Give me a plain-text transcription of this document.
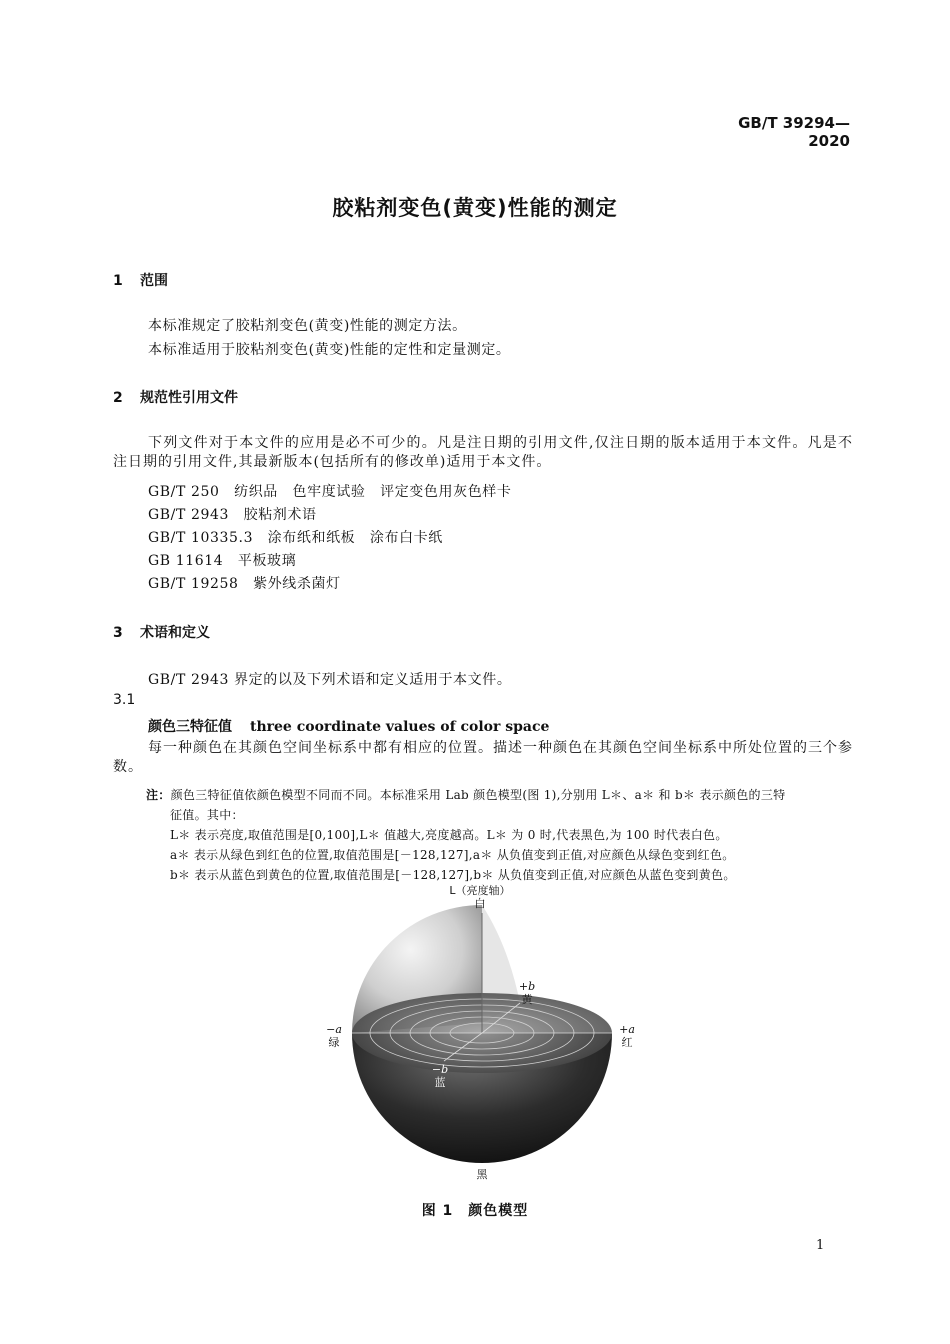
GB/T 39294—2020
胶粘剂变色(黄变)性能的测定
1 范围
本标准规定了胶粘剂变色(黄变)性能的测定方法。
本标准适用于胶粘剂变色(黄变)性能的定性和定量测定。
2 规范性引用文件
下列文件对于本文件的应用是必不可少的。凡是注日期的引用文件,仅注日期的版本适用于本文件。凡是不注日期的引用文件,其最新版本(包括所有的修改单)适用于本文件。
GB/T 250　纺织品　色牢度试验　评定变色用灰色样卡
GB/T 2943　胶粘剂术语
GB/T 10335.3　涂布纸和纸板　涂布白卡纸
GB 11614　平板玻璃
GB/T 19258　紫外线杀菌灯
3 术语和定义
GB/T 2943 界定的以及下列术语和定义适用于本文件。
3.1
颜色三特征值 three coordinate values of color space
每一种颜色在其颜色空间坐标系中都有相应的位置。描述一种颜色在其颜色空间坐标系中所处位置的三个参数。
注：颜色三特征值依颜色模型不同而不同。本标准采用 Lab 颜色模型(图 1),分别用 L＊、a＊ 和 b＊ 表示颜色的三特
征值。其中：
L＊ 表示亮度,取值范围是[0,100],L＊ 值越大,亮度越高。L＊ 为 0 时,代表黑色,为 100 时代表白色。
a＊ 表示从绿色到红色的位置,取值范围是[－128,127],a＊ 从负值变到正值,对应颜色从绿色变到红色。
b＊ 表示从蓝色到黄色的位置,取值范围是[－128,127],b＊ 从负值变到正值,对应颜色从蓝色变到黄色。
L（亮度轴）
白
+b
黄
−a
绿
+a
红
−b
蓝
黑
图 1　颜色模型
1
